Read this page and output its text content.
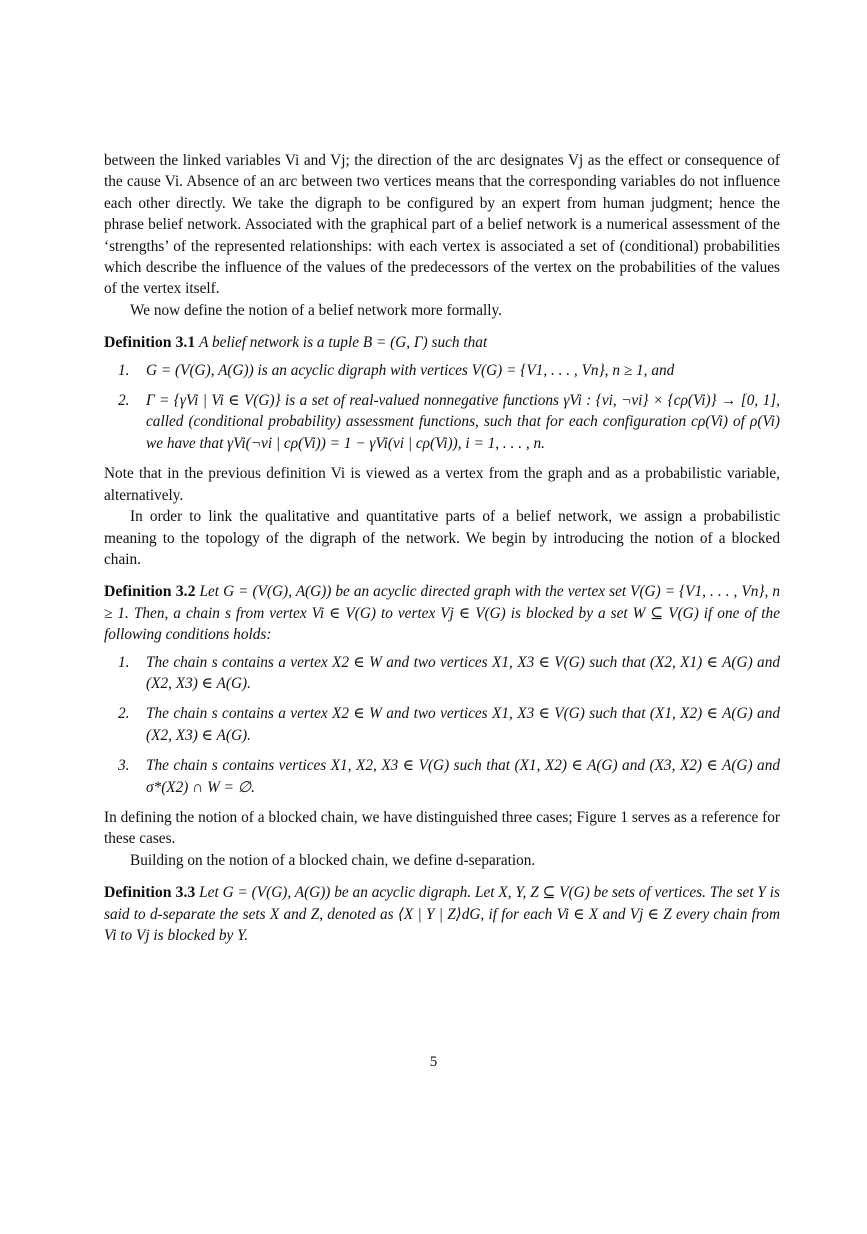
between the linked variables Vi and Vj; the direction of the arc designates Vj as the effect or consequence of the cause Vi. Absence of an arc between two vertices means that the corresponding variables do not influence each other directly. We take the digraph to be configured by an expert from human judgment; hence the phrase belief network. Associated with the graphical part of a belief network is a numerical assessment of the ‘strengths’ of the represented relationships: with each vertex is associated a set of (conditional) probabilities which describe the influence of the values of the predecessors of the vertex on the probabilities of the values of the vertex itself.

We now define the notion of a belief network more formally.

Definition 3.1 A belief network is a tuple B = (G, Γ) such that

1.	G = (V(G), A(G)) is an acyclic digraph with vertices V(G) = {V1, . . . , Vn}, n ≥ 1, and
2.	Γ = {γVi | Vi ∈ V(G)} is a set of real-valued nonnegative functions γVi : {vi, ¬vi} × {cρ(Vi)} → [0, 1], called (conditional probability) assessment functions, such that for each configuration cρ(Vi) of ρ(Vi) we have that γVi(¬vi | cρ(Vi)) = 1 − γVi(vi | cρ(Vi)), i = 1, . . . , n.

Note that in the previous definition Vi is viewed as a vertex from the graph and as a probabilistic variable, alternatively.

In order to link the qualitative and quantitative parts of a belief network, we assign a probabilistic meaning to the topology of the digraph of the network. We begin by introducing the notion of a blocked chain.

Definition 3.2 Let G = (V(G), A(G)) be an acyclic directed graph with the vertex set V(G) = {V1, . . . , Vn}, n ≥ 1. Then, a chain s from vertex Vi ∈ V(G) to vertex Vj ∈ V(G) is blocked by a set W ⊆ V(G) if one of the following conditions holds:

1.	The chain s contains a vertex X2 ∈ W and two vertices X1, X3 ∈ V(G) such that (X2, X1) ∈ A(G) and (X2, X3) ∈ A(G).
2.	The chain s contains a vertex X2 ∈ W and two vertices X1, X3 ∈ V(G) such that (X1, X2) ∈ A(G) and (X2, X3) ∈ A(G).
3.	The chain s contains vertices X1, X2, X3 ∈ V(G) such that (X1, X2) ∈ A(G) and (X3, X2) ∈ A(G) and σ*(X2) ∩ W = ∅.

In defining the notion of a blocked chain, we have distinguished three cases; Figure 1 serves as a reference for these cases.

Building on the notion of a blocked chain, we define d-separation.

Definition 3.3 Let G = (V(G), A(G)) be an acyclic digraph. Let X, Y, Z ⊆ V(G) be sets of vertices. The set Y is said to d-separate the sets X and Z, denoted as ⟨X | Y | Z⟩dG, if for each Vi ∈ X and Vj ∈ Z every chain from Vi to Vj is blocked by Y.

5
